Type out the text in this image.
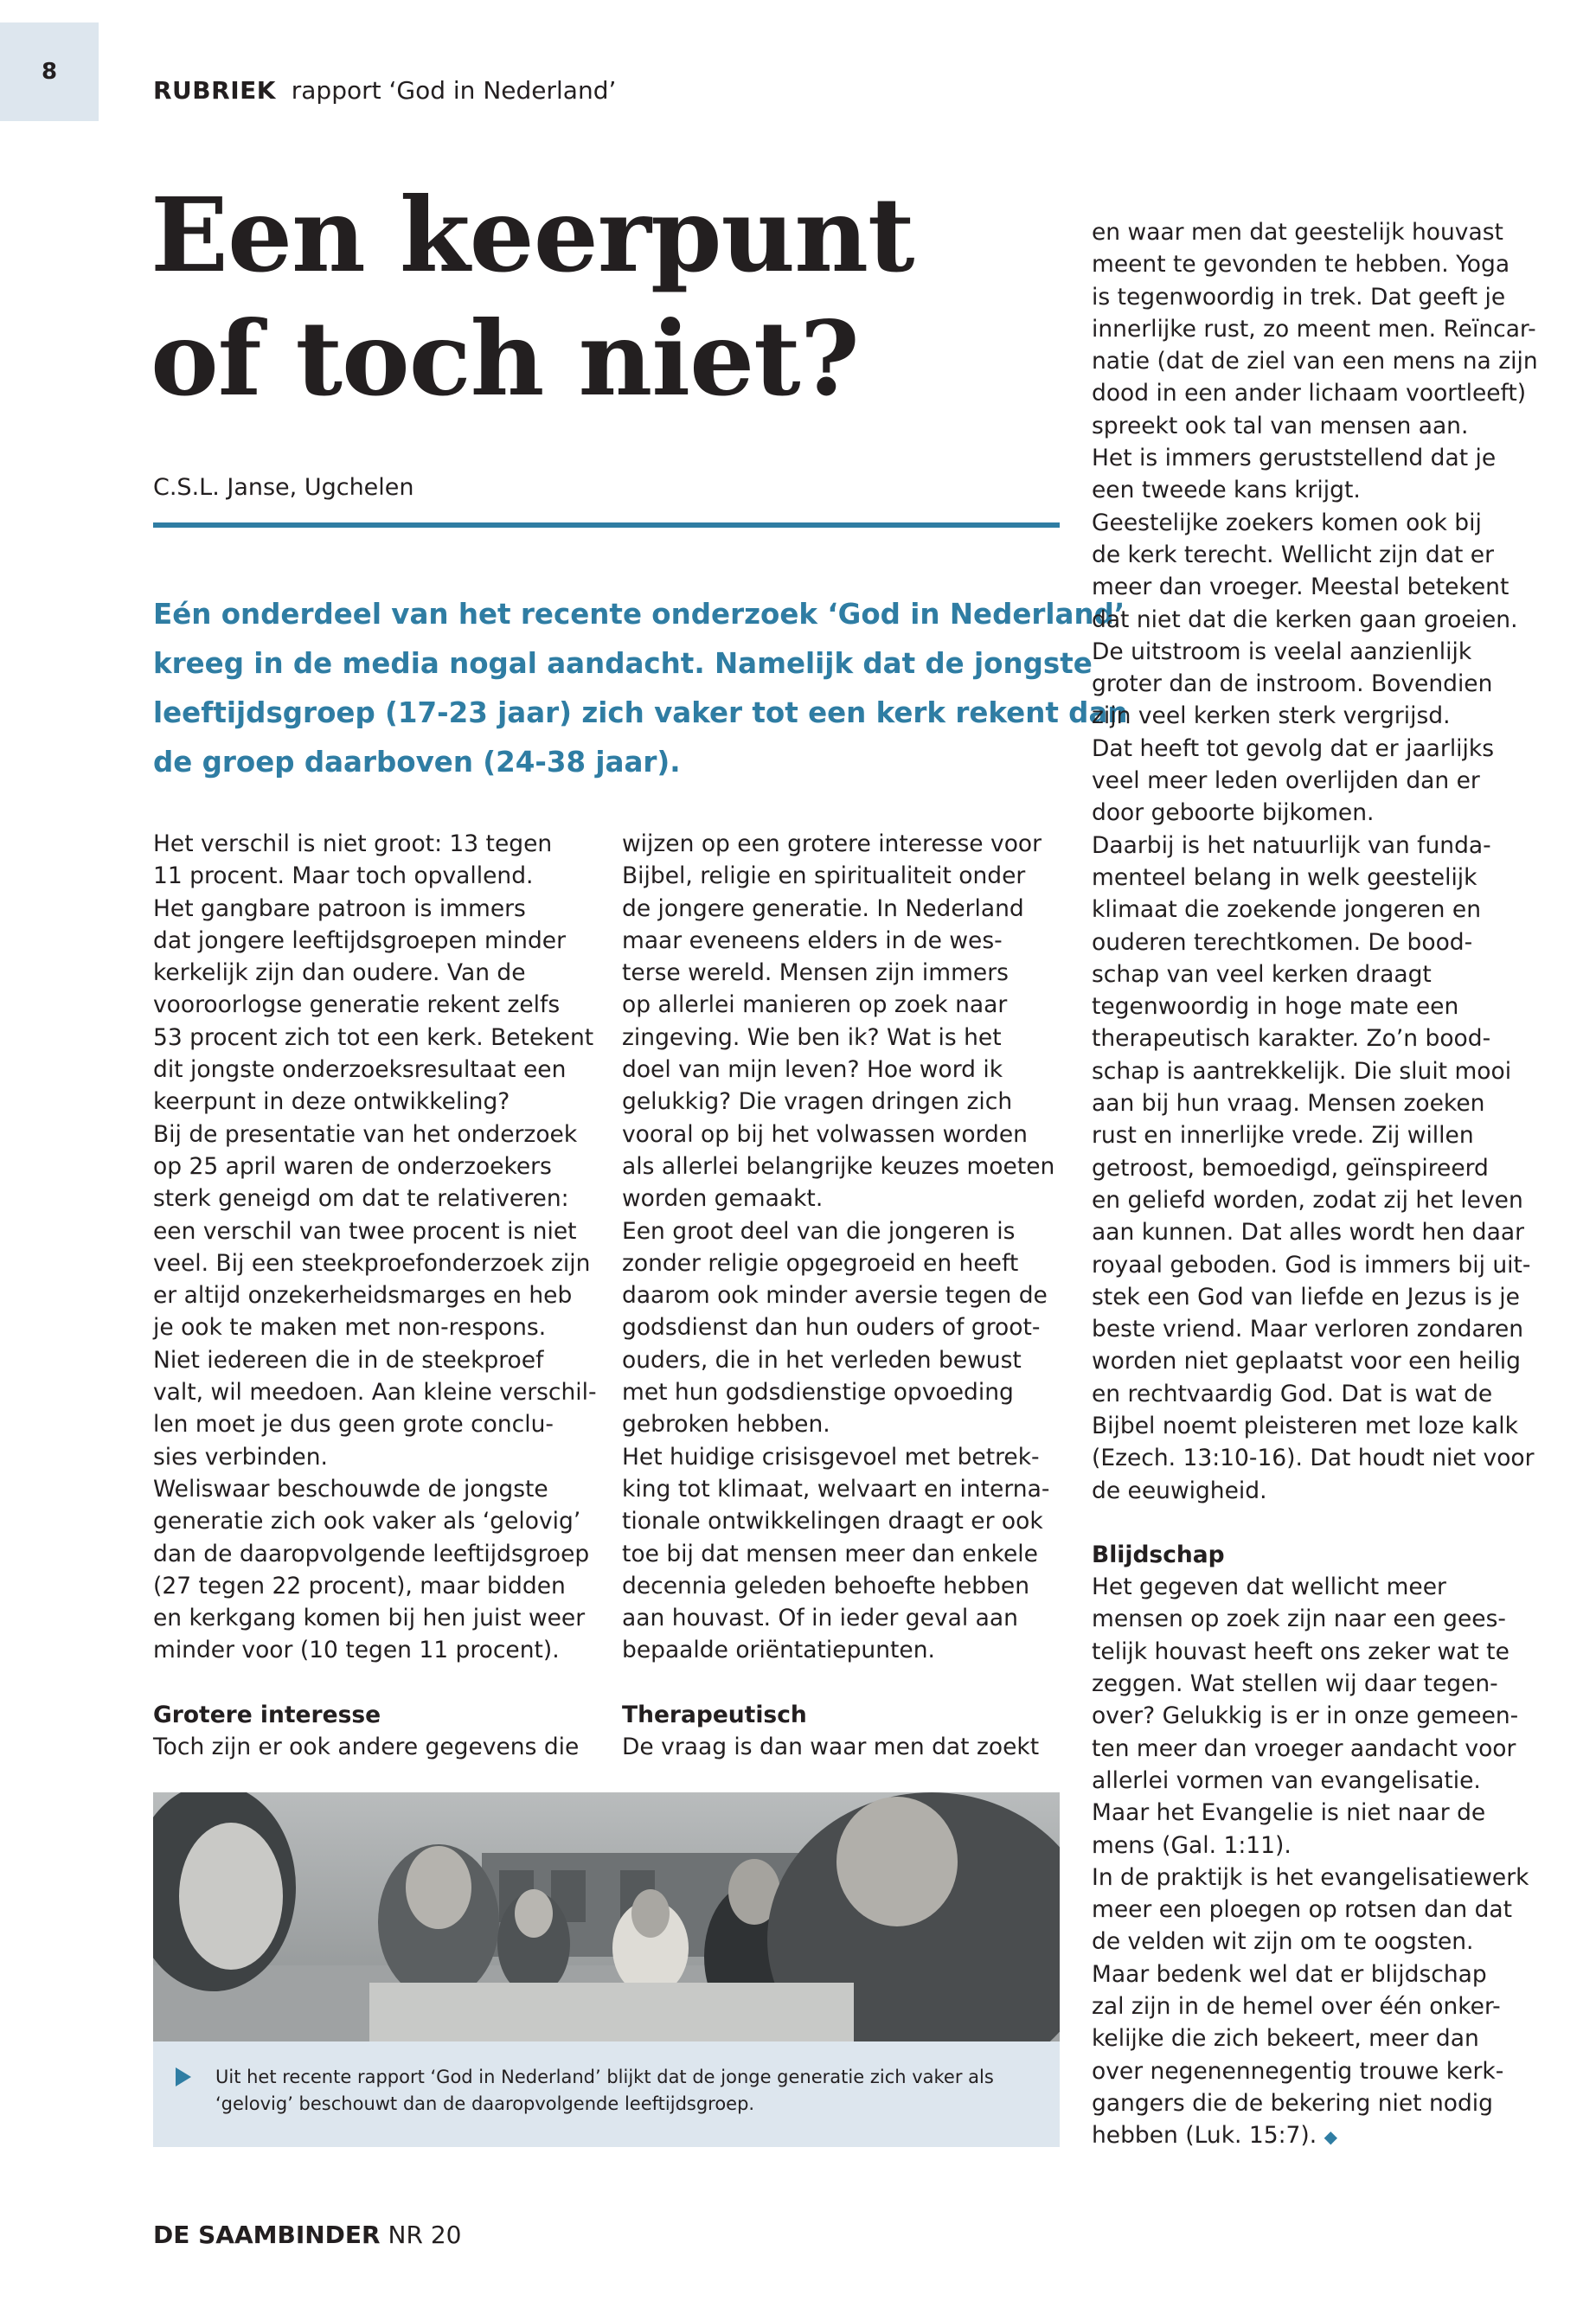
8
RUBRIEK rapport ‘God in Nederland’
Een keerpunt
of toch niet?
C.S.L. Janse, Ugchelen

Eén onderdeel van het recente onderzoek ‘God in Nederland’
kreeg in de media nogal aandacht. Namelijk dat de jongste
leeftijdsgroep (17-23 jaar) zich vaker tot een kerk rekent dan
de groep daarboven (24-38 jaar).

Het verschil is niet groot: 13 tegen
11 procent. Maar toch opvallend.
Het gangbare patroon is immers
dat jongere leeftijdsgroepen minder
kerkelijk zijn dan oudere. Van de
vooroorlogse generatie rekent zelfs
53 procent zich tot een kerk. Betekent
dit jongste onderzoeksresultaat een
keerpunt in deze ontwikkeling?
Bij de presentatie van het onderzoek
op 25 april waren de onderzoekers
sterk geneigd om dat te relativeren:
een verschil van twee procent is niet
veel. Bij een steekproefonderzoek zijn
er altijd onzekerheidsmarges en heb
je ook te maken met non-respons.
Niet iedereen die in de steekproef
valt, wil meedoen. Aan kleine verschil-
len moet je dus geen grote conclu-
sies verbinden.
Weliswaar beschouwde de jongste
generatie zich ook vaker als ‘gelovig’
dan de daaropvolgende leeftijdsgroep
(27 tegen 22 procent), maar bidden
en kerkgang komen bij hen juist weer
minder voor (10 tegen 11 procent).
Grotere interesse
Toch zijn er ook andere gegevens die
wijzen op een grotere interesse voor
Bijbel, religie en spiritualiteit onder
de jongere generatie. In Nederland
maar eveneens elders in de wes-
terse wereld. Mensen zijn immers
op allerlei manieren op zoek naar
zingeving. Wie ben ik? Wat is het
doel van mijn leven? Hoe word ik
gelukkig? Die vragen dringen zich
vooral op bij het volwassen worden
als allerlei belangrijke keuzes moeten
worden gemaakt.
Een groot deel van die jongeren is
zonder religie opgegroeid en heeft
daarom ook minder aversie tegen de
godsdienst dan hun ouders of groot-
ouders, die in het verleden bewust
met hun godsdienstige opvoeding
gebroken hebben.
Het huidige crisisgevoel met betrek-
king tot klimaat, welvaart en interna-
tionale ontwikkelingen draagt er ook
toe bij dat mensen meer dan enkele
decennia geleden behoefte hebben
aan houvast. Of in ieder geval aan
bepaalde oriëntatiepunten.
Therapeutisch
De vraag is dan waar men dat zoekt
en waar men dat geestelijk houvast
meent te gevonden te hebben. Yoga
is tegenwoordig in trek. Dat geeft je
innerlijke rust, zo meent men. Reïncar-
natie (dat de ziel van een mens na zijn
dood in een ander lichaam voortleeft)
spreekt ook tal van mensen aan.
Het is immers geruststellend dat je
een tweede kans krijgt.
Geestelijke zoekers komen ook bij
de kerk terecht. Wellicht zijn dat er
meer dan vroeger. Meestal betekent
dat niet dat die kerken gaan groeien.
De uitstroom is veelal aanzienlijk
groter dan de instroom. Bovendien
zijn veel kerken sterk vergrijsd.
Dat heeft tot gevolg dat er jaarlijks
veel meer leden overlijden dan er
door geboorte bijkomen.
Daarbij is het natuurlijk van funda-
menteel belang in welk geestelijk
klimaat die zoekende jongeren en
ouderen terechtkomen. De bood-
schap van veel kerken draagt
tegenwoordig in hoge mate een
therapeutisch karakter. Zo’n bood-
schap is aantrekkelijk. Die sluit mooi
aan bij hun vraag. Mensen zoeken
rust en innerlijke vrede. Zij willen
getroost, bemoedigd, geïnspireerd
en geliefd worden, zodat zij het leven
aan kunnen. Dat alles wordt hen daar
royaal geboden. God is immers bij uit-
stek een God van liefde en Jezus is je
beste vriend. Maar verloren zondaren
worden niet geplaatst voor een heilig
en rechtvaardig God. Dat is wat de
Bijbel noemt pleisteren met loze kalk
(Ezech. 13:10-16). Dat houdt niet voor
de eeuwigheid.
Blijdschap
Het gegeven dat wellicht meer
mensen op zoek zijn naar een gees-
telijk houvast heeft ons zeker wat te
zeggen. Wat stellen wij daar tegen-
over? Gelukkig is er in onze gemeen-
ten meer dan vroeger aandacht voor
allerlei vormen van evangelisatie.
Maar het Evangelie is niet naar de
mens (Gal. 1:11).
In de praktijk is het evangelisatiewerk
meer een ploegen op rotsen dan dat
de velden wit zijn om te oogsten.
Maar bedenk wel dat er blijdschap
zal zijn in de hemel over één onker-
kelijke die zich bekeert, meer dan
over negenennegentig trouwe kerk-
gangers die de bekering niet nodig
hebben (Luk. 15:7). ◆
Uit het recente rapport ‘God in Nederland’ blijkt dat de jonge generatie zich vaker als
‘gelovig’ beschouwt dan de daaropvolgende leeftijdsgroep.
DE SAAMBINDER NR 20
